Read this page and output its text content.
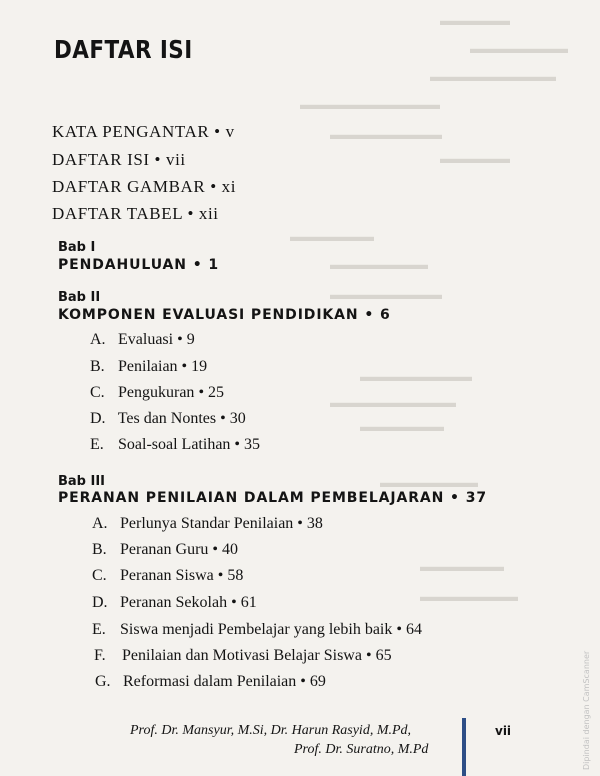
▬▬▬▬▬
▬▬▬▬▬▬▬
▬▬▬▬▬▬▬▬▬
▬▬▬▬▬▬▬▬▬▬
▬▬▬▬▬▬▬▬
▬▬▬▬▬
▬▬▬▬▬▬
▬▬▬▬▬▬▬
▬▬▬▬▬▬▬▬
▬▬▬▬▬▬▬▬
▬▬▬▬▬▬▬▬▬
▬▬▬▬▬▬
▬▬▬▬▬▬▬
▬▬▬▬▬▬
▬▬▬▬▬▬▬
DAFTAR ISI
KATA PENGANTAR • v
DAFTAR ISI • vii
DAFTAR GAMBAR • xi
DAFTAR TABEL • xii
Bab I
PENDAHULUAN • 1
Bab II
KOMPONEN EVALUASI PENDIDIKAN • 6
A. Evaluasi • 9
B. Penilaian • 19
C. Pengukuran • 25
D. Tes dan Nontes • 30
E. Soal-soal Latihan • 35
Bab III
PERANAN PENILAIAN DALAM PEMBELAJARAN • 37
A. Perlunya Standar Penilaian • 38
B. Peranan Guru • 40
C. Peranan Siswa • 58
D. Peranan Sekolah • 61
E. Siswa menjadi Pembelajar yang lebih baik • 64
F. Penilaian dan Motivasi Belajar Siswa • 65
G. Reformasi dalam Penilaian • 69
Prof. Dr. Mansyur, M.Si, Dr. Harun Rasyid, M.Pd,
Prof. Dr. Suratno, M.Pd
vii	Dipindai dengan CamScanner
